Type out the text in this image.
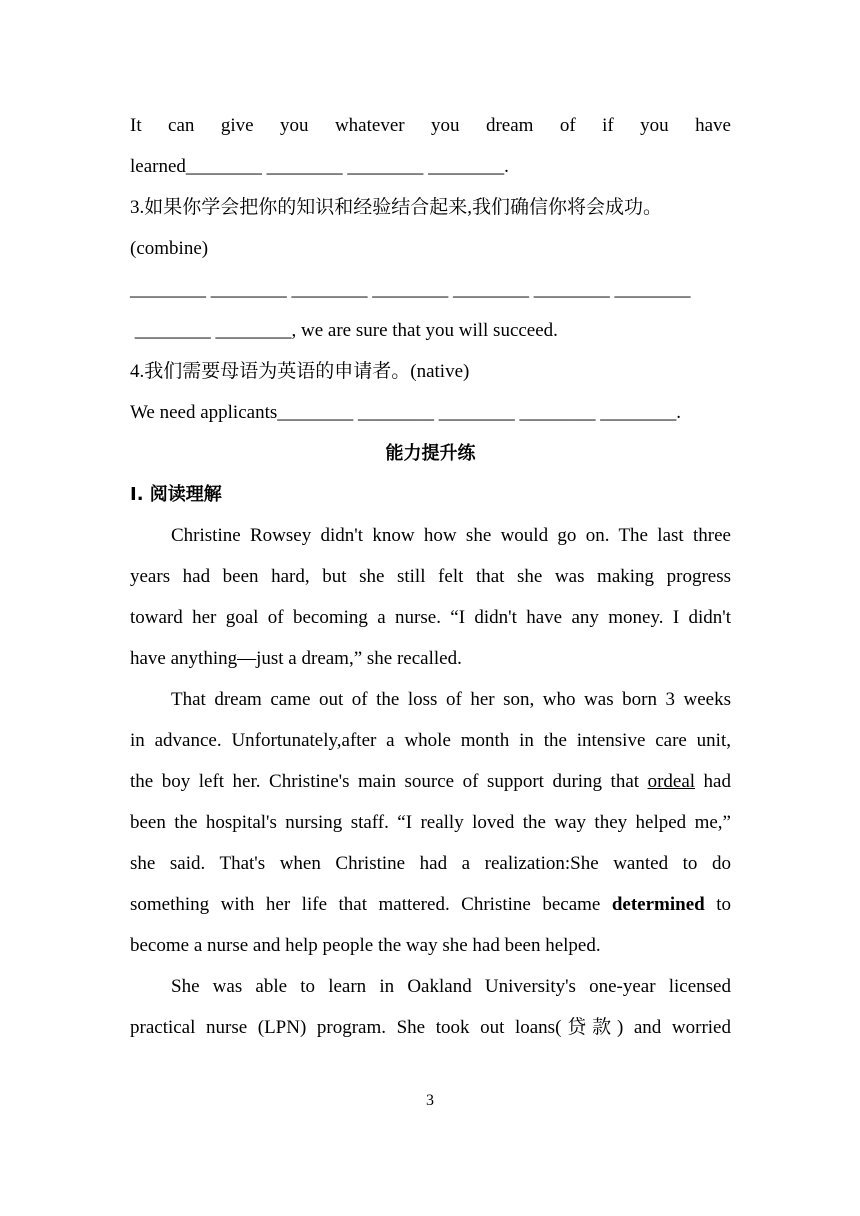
It can give you whatever you dream of if you have
learned________ ________ ________ ________.
3.如果你学会把你的知识和经验结合起来,我们确信你将会成功。
(combine)
________ ________ ________ ________ ________ ________ ________
________ ________, we are sure that you will succeed.
4.我们需要母语为英语的申请者。(native)
We need applicants________ ________ ________ ________ ________.
能力提升练
Ⅰ. 阅读理解
Christine Rowsey didn't know how she would go on. The last three
years had been hard, but she still felt that she was making progress
toward her goal of becoming a nurse. “I didn't have any money. I didn't
have anything—just a dream,” she recalled.
That dream came out of the loss of her son, who was born 3 weeks
in advance. Unfortunately,after a whole month in the intensive care unit,
the boy left her. Christine's main source of support during that ordeal had
been the hospital's nursing staff. “I really loved the way they helped me,”
she said. That's when Christine had a realization:She wanted to do
something with her life that mattered. Christine became determined to
become a nurse and help people the way she had been helped.
She was able to learn in Oakland University's one-year licensed
practical nurse (LPN) program. She took out loans(贷款) and worried
3
